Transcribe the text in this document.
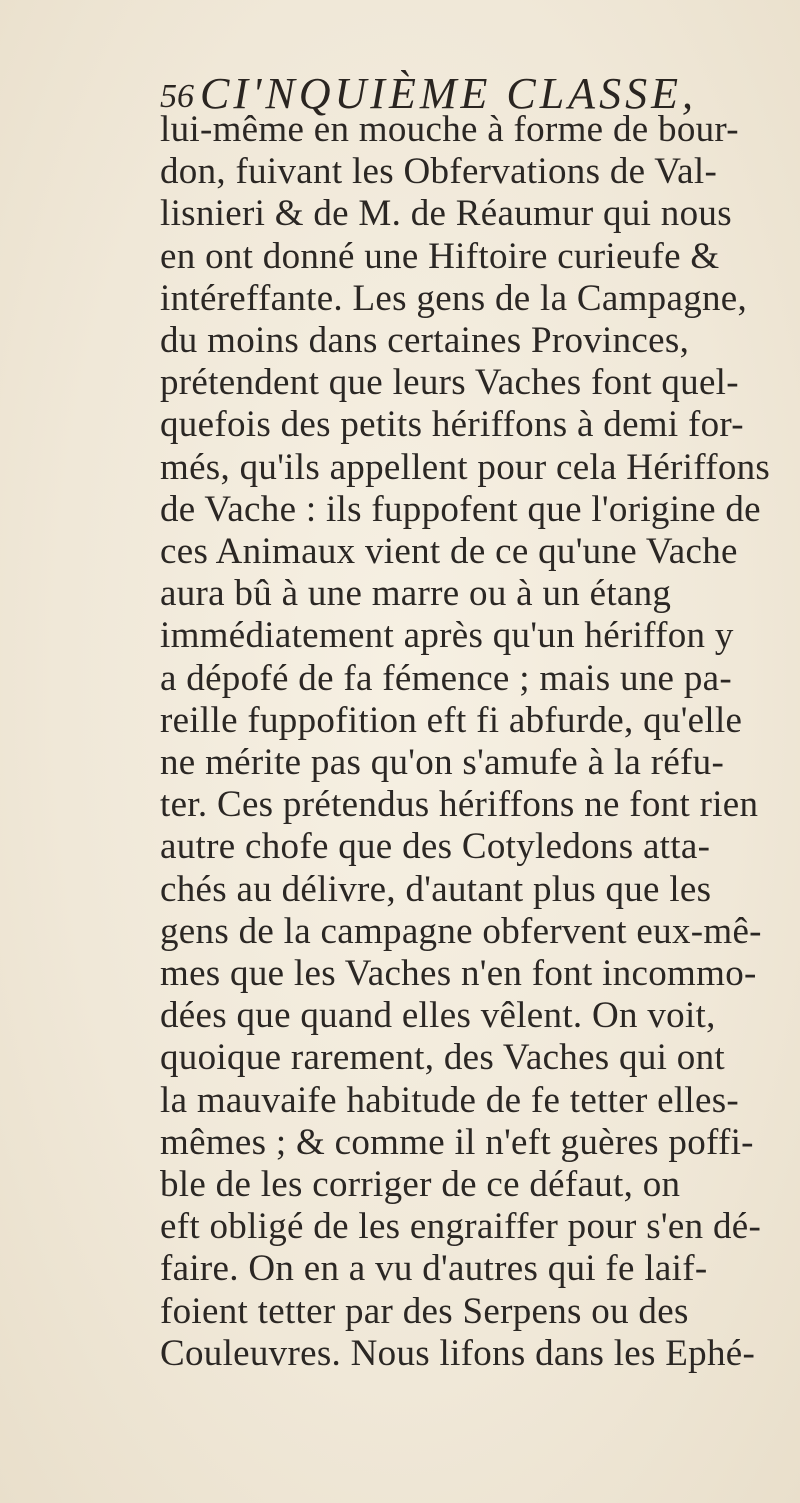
56 CI'NQUIÈME CLASSE,
lui-même en mouche à forme de bour-
don, fuivant les Obfervations de Val-
lisnieri & de M. de Réaumur qui nous
en ont donné une Hiftoire curieufe &
intéreffante. Les gens de la Campagne,
du moins dans certaines Provinces,
prétendent que leurs Vaches font quel-
quefois des petits hériffons à demi for-
més, qu'ils appellent pour cela Hériffons
de Vache : ils fuppofent que l'origine de
ces Animaux vient de ce qu'une Vache
aura bû à une marre ou à un étang
immédiatement après qu'un hériffon y
a dépofé de fa fémence ; mais une pa-
reille fuppofition eft fi abfurde, qu'elle
ne mérite pas qu'on s'amufe à la réfu-
ter. Ces prétendus hériffons ne font rien
autre chofe que des Cotyledons atta-
chés au délivre, d'autant plus que les
gens de la campagne obfervent eux-mê-
mes que les Vaches n'en font incommo-
dées que quand elles vêlent. On voit,
quoique rarement, des Vaches qui ont
la mauvaife habitude de fe tetter elles-
mêmes ; & comme il n'eft guères poffi-
ble de les corriger de ce défaut, on
eft obligé de les engraiffer pour s'en dé-
faire. On en a vu d'autres qui fe laif-
foient tetter par des Serpens ou des
Couleuvres. Nous lifons dans les Ephé-
